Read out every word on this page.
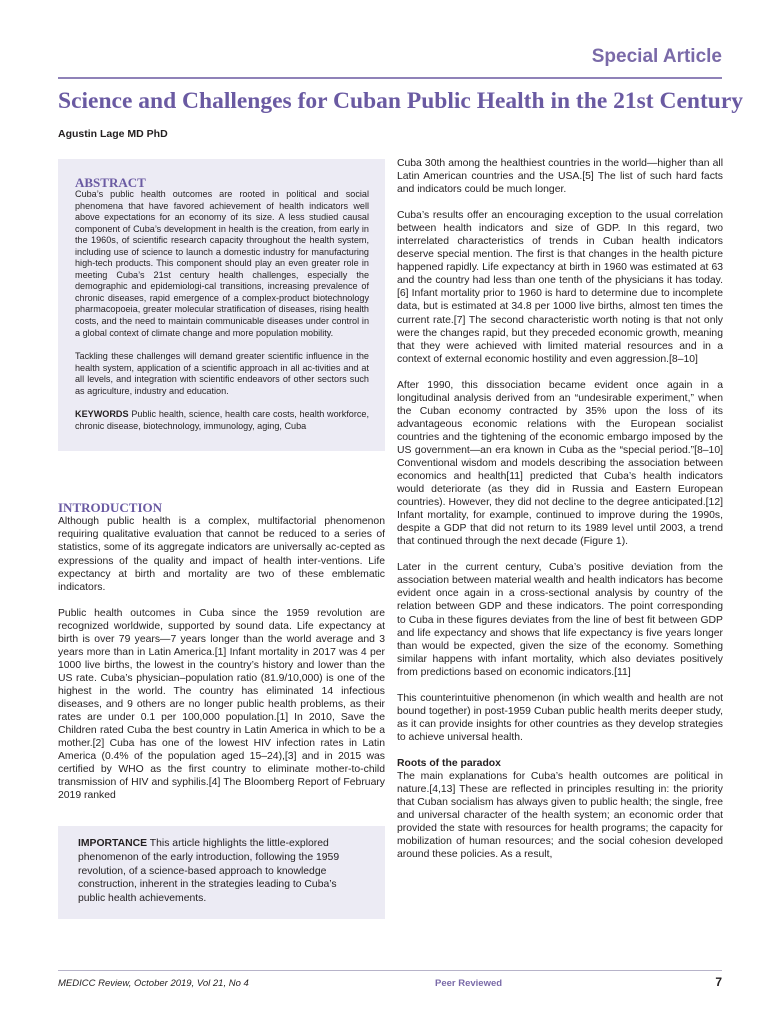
Special Article
Science and Challenges for Cuban Public Health in the 21st Century
Agustin Lage MD PhD
ABSTRACT

Cuba’s public health outcomes are rooted in political and social phenomena that have favored achievement of health indicators well above expectations for an economy of its size. A less studied causal component of Cuba’s development in health is the creation, from early in the 1960s, of scientific research capacity throughout the health system, including use of science to launch a domestic industry for manufacturing high-tech products. This component should play an even greater role in meeting Cuba’s 21st century health challenges, especially the demographic and epidemiologi-cal transitions, increasing prevalence of chronic diseases, rapid emergence of a complex-product biotechnology pharmacopoeia, greater molecular stratification of diseases, rising health costs, and the need to maintain communicable diseases under control in a global context of climate change and more population mobility.

Tackling these challenges will demand greater scientific influence in the health system, application of a scientific approach in all ac-tivities and at all levels, and integration with scientific endeavors of other sectors such as agriculture, industry and education.

KEYWORDS Public health, science, health care costs, health workforce, chronic disease, biotechnology, immunology, aging, Cuba

INTRODUCTION

Although public health is a complex, multifactorial phenomenon requiring qualitative evaluation that cannot be reduced to a series of statistics, some of its aggregate indicators are universally ac-cepted as expressions of the quality and impact of health inter-ventions. Life expectancy at birth and mortality are two of these emblematic indicators.

Public health outcomes in Cuba since the 1959 revolution are recognized worldwide, supported by sound data. Life expectancy at birth is over 79 years—7 years longer than the world average and 3 years more than in Latin America.[1] Infant mortality in 2017 was 4 per 1000 live births, the lowest in the country’s history and lower than the US rate. Cuba’s physician–population ratio (81.9/10,000) is one of the highest in the world. The country has eliminated 14 infectious diseases, and 9 others are no longer public health problems, as their rates are under 0.1 per 100,000 population.[1] In 2010, Save the Children rated Cuba the best country in Latin America in which to be a mother.[2] Cuba has one of the lowest HIV infection rates in Latin America (0.4% of the population aged 15–24),[3] and in 2015 was certified by WHO as the first country to eliminate mother-to-child transmission of HIV and syphilis.[4] The Bloomberg Report of February 2019 ranked

IMPORTANCE This article highlights the little-explored phenomenon of the early introduction, following the 1959 revolution, of a science-based approach to knowledge construction, inherent in the strategies leading to Cuba’s public health achievements.

Cuba 30th among the healthiest countries in the world—higher than all Latin American countries and the USA.[5] The list of such hard facts and indicators could be much longer.

Cuba’s results offer an encouraging exception to the usual correlation between health indicators and size of GDP. In this regard, two interrelated characteristics of trends in Cuban health indicators deserve special mention. The first is that changes in the health picture happened rapidly. Life expectancy at birth in 1960 was estimated at 63 and the country had less than one tenth of the physicians it has today.[6] Infant mortality prior to 1960 is hard to determine due to incomplete data, but is estimated at 34.8 per 1000 live births, almost ten times the current rate.[7] The second characteristic worth noting is that not only were the changes rapid, but they preceded economic growth, meaning that they were achieved with limited material resources and in a context of external economic hostility and even aggression.[8–10]

After 1990, this dissociation became evident once again in a longitudinal analysis derived from an “undesirable experiment,” when the Cuban economy contracted by 35% upon the loss of its advantageous economic relations with the European socialist countries and the tightening of the economic embargo imposed by the US government—an era known in Cuba as the “special period.”[8–10] Conventional wisdom and models describing the association between economics and health[11] predicted that Cuba’s health indicators would deteriorate (as they did in Russia and Eastern European countries). However, they did not decline to the degree anticipated.[12] Infant mortality, for example, continued to improve during the 1990s, despite a GDP that did not return to its 1989 level until 2003, a trend that continued through the next decade (Figure 1).

Later in the current century, Cuba’s positive deviation from the association between material wealth and health indicators has become evident once again in a cross-sectional analysis by country of the relation between GDP and these indicators. The point corresponding to Cuba in these figures deviates from the line of best fit between GDP and life expectancy and shows that life expectancy is five years longer than would be expected, given the size of the economy. Something similar happens with infant mortality, which also deviates positively from predictions based on economic indicators.[11]

This counterintuitive phenomenon (in which wealth and health are not bound together) in post-1959 Cuban public health merits deeper study, as it can provide insights for other countries as they develop strategies to achieve universal health.

Roots of the paradox

The main explanations for Cuba’s health outcomes are political in nature.[4,13] These are reflected in principles resulting in: the priority that Cuban socialism has always given to public health; the single, free and universal character of the health system; an economic order that provided the state with resources for health programs; the capacity for mobilization of human resources; and the social cohesion developed around these policies. As a result,

MEDICC Review, October 2019, Vol 21, No 4	Peer Reviewed	7
